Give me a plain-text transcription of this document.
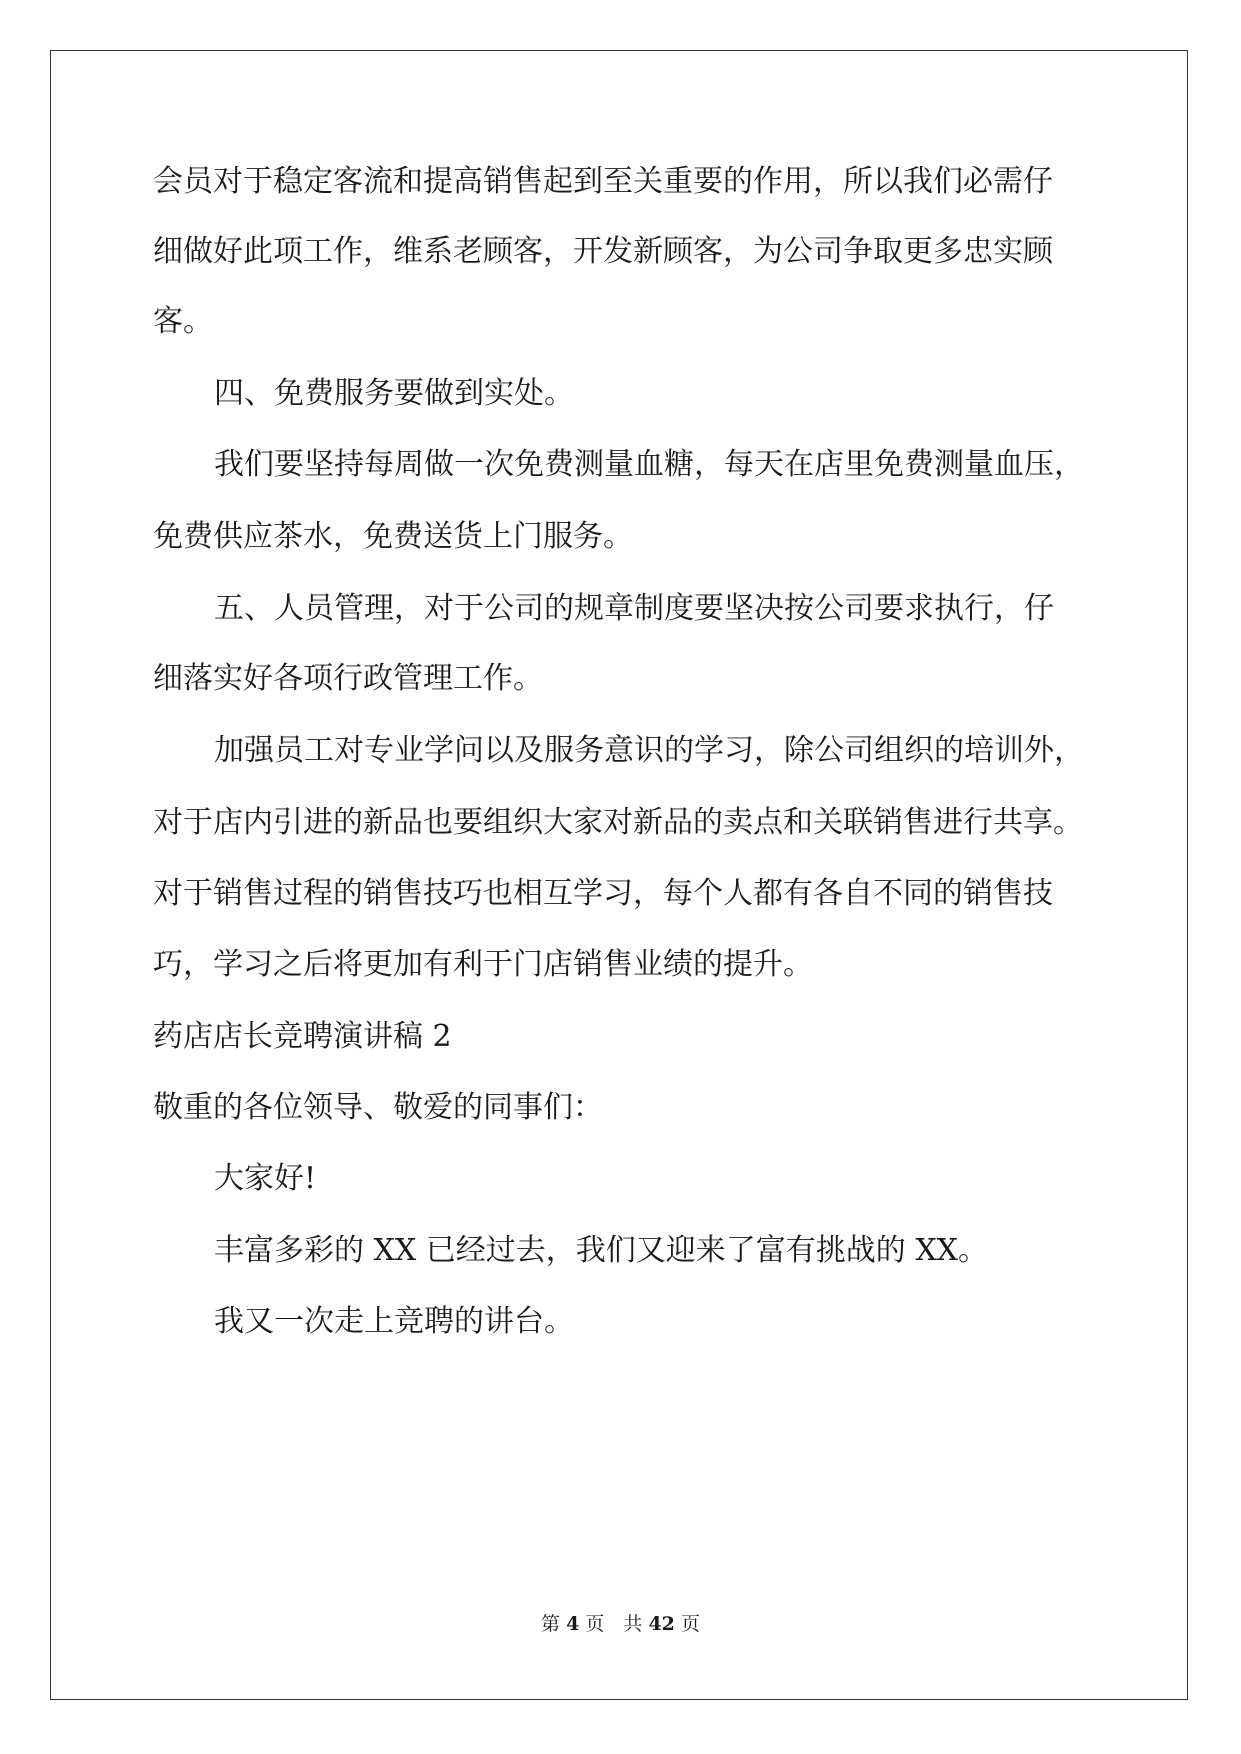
会员对于稳定客流和提高销售起到至关重要的作用，所以我们必需仔
细做好此项工作，维系老顾客，开发新顾客，为公司争取更多忠实顾
客。
四、免费服务要做到实处。
我们要坚持每周做一次免费测量血糖，每天在店里免费测量血压，
免费供应茶水，免费送货上门服务。
五、人员管理，对于公司的规章制度要坚决按公司要求执行，仔
细落实好各项行政管理工作。
加强员工对专业学问以及服务意识的学习，除公司组织的培训外，
对于店内引进的新品也要组织大家对新品的卖点和关联销售进行共享。
对于销售过程的销售技巧也相互学习，每个人都有各自不同的销售技
巧，学习之后将更加有利于门店销售业绩的提升。
药店店长竞聘演讲稿 2
敬重的各位领导、敬爱的同事们：
大家好!
丰富多彩的 XX 已经过去，我们又迎来了富有挑战的 XX。
我又一次走上竞聘的讲台。
第 4 页　共 42 页
